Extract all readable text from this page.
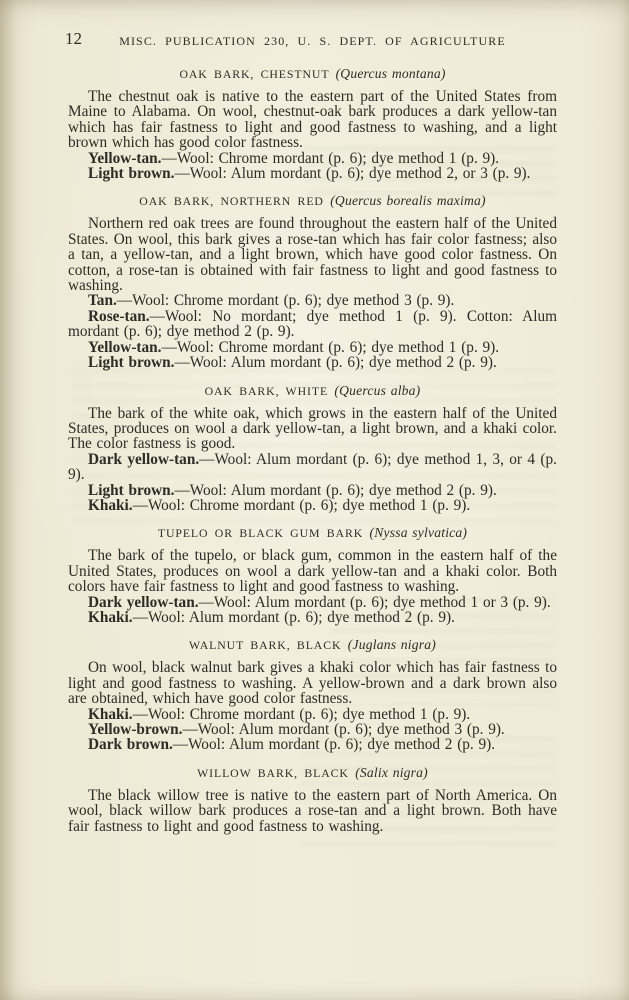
12	MISC. PUBLICATION 230, U. S. DEPT. OF AGRICULTURE
OAK BARK, CHESTNUT (Quercus montana)

The chestnut oak is native to the eastern part of the United States from Maine to Alabama. On wool, chestnut-oak bark produces a dark yellow-tan which has fair fastness to light and good fastness to washing, and a light brown which has good color fastness.

Yellow-tan.—Wool: Chrome mordant (p. 6); dye method 1 (p. 9).

Light brown.—Wool: Alum mordant (p. 6); dye method 2, or 3 (p. 9).

OAK BARK, NORTHERN RED (Quercus borealis maxima)

Northern red oak trees are found throughout the eastern half of the United States. On wool, this bark gives a rose-tan which has fair color fastness; also a tan, a yellow-tan, and a light brown, which have good color fastness. On cotton, a rose-tan is obtained with fair fastness to light and good fastness to washing.

Tan.—Wool: Chrome mordant (p. 6); dye method 3 (p. 9).

Rose-tan.—Wool: No mordant; dye method 1 (p. 9). Cotton: Alum mordant (p. 6); dye method 2 (p. 9).

Yellow-tan.—Wool: Chrome mordant (p. 6); dye method 1 (p. 9).

Light brown.—Wool: Alum mordant (p. 6); dye method 2 (p. 9).

OAK BARK, WHITE (Quercus alba)

The bark of the white oak, which grows in the eastern half of the United States, produces on wool a dark yellow-tan, a light brown, and a khaki color. The color fastness is good.

Dark yellow-tan.—Wool: Alum mordant (p. 6); dye method 1, 3, or 4 (p. 9).

Light brown.—Wool: Alum mordant (p. 6); dye method 2 (p. 9).

Khaki.—Wool: Chrome mordant (p. 6); dye method 1 (p. 9).

TUPELO OR BLACK GUM BARK (Nyssa sylvatica)

The bark of the tupelo, or black gum, common in the eastern half of the United States, produces on wool a dark yellow-tan and a khaki color. Both colors have fair fastness to light and good fastness to washing.

Dark yellow-tan.—Wool: Alum mordant (p. 6); dye method 1 or 3 (p. 9).

Khaki.—Wool: Alum mordant (p. 6); dye method 2 (p. 9).

WALNUT BARK, BLACK (Juglans nigra)

On wool, black walnut bark gives a khaki color which has fair fastness to light and good fastness to washing. A yellow-brown and a dark brown also are obtained, which have good color fastness.

Khaki.—Wool: Chrome mordant (p. 6); dye method 1 (p. 9).

Yellow-brown.—Wool: Alum mordant (p. 6); dye method 3 (p. 9).

Dark brown.—Wool: Alum mordant (p. 6); dye method 2 (p. 9).

WILLOW BARK, BLACK (Salix nigra)

The black willow tree is native to the eastern part of North America. On wool, black willow bark produces a rose-tan and a light brown. Both have fair fastness to light and good fastness to washing.
